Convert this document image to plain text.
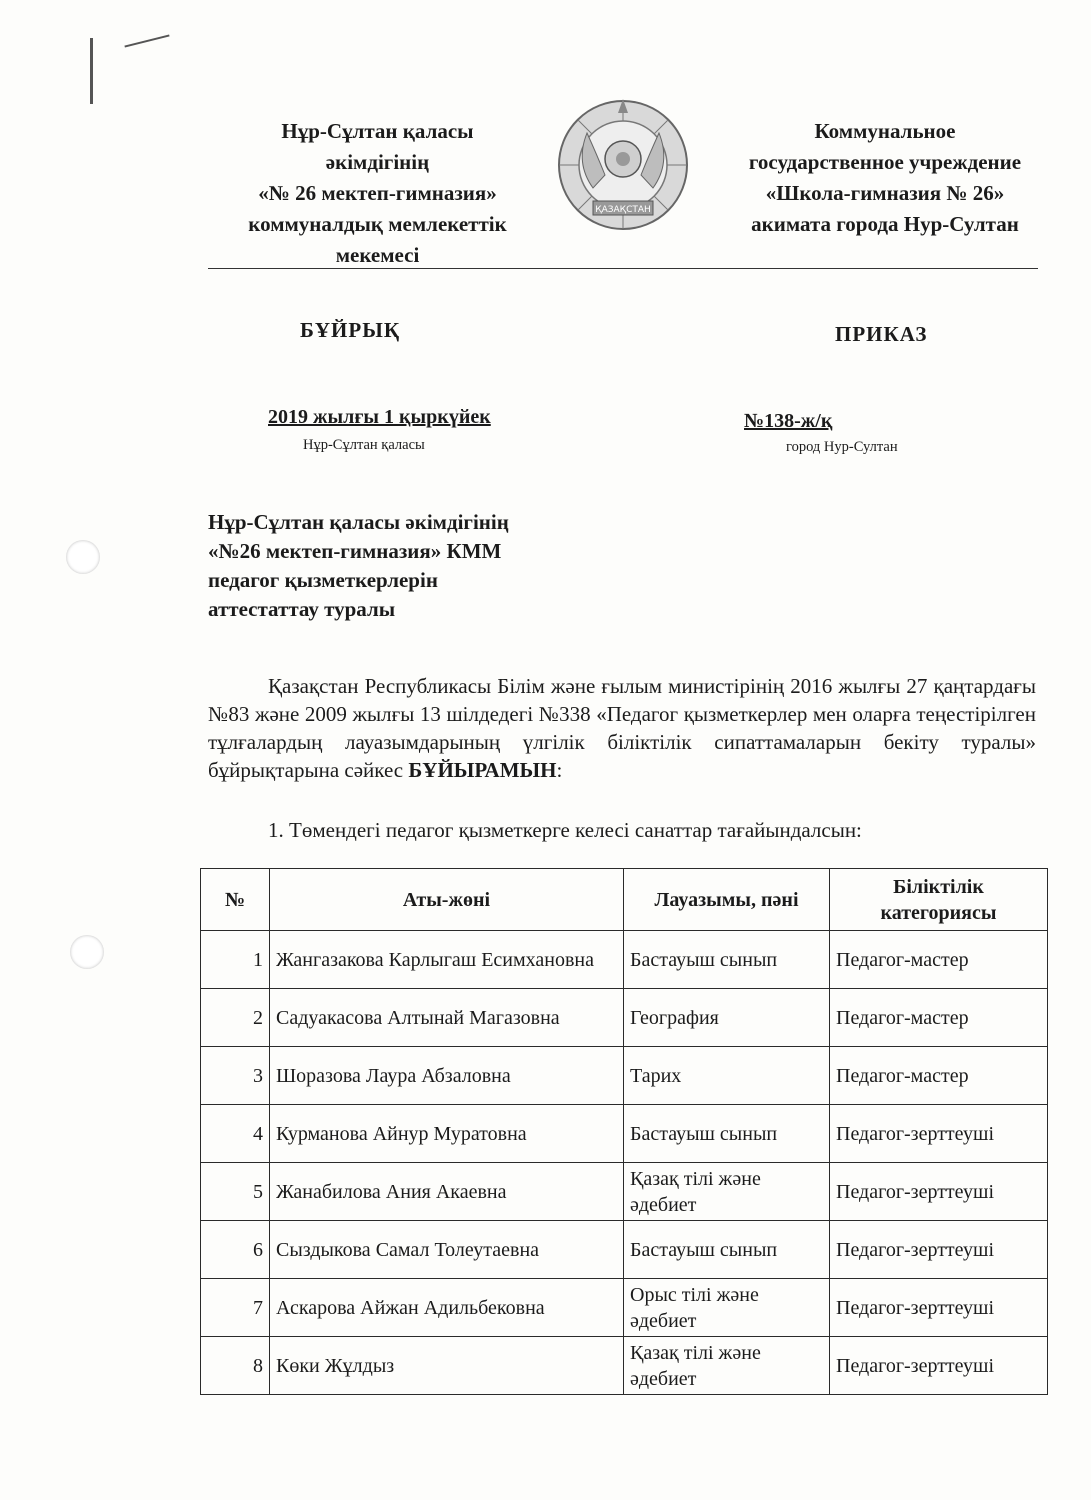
Нұр-Сұлтан қаласы
әкімдігінің
«№ 26 мектеп-гимназия»
коммуналдық мемлекеттік
мекемесі
ҚАЗАҚСТАН
Коммунальное
государственное учреждение
«Школа-гимназия № 26»
акимата города Нур-Султан
БҰЙРЫҚ	ПРИКАЗ
2019 жылғы 1 қыркүйек
Нұр-Сұлтан қаласы
№138-ж/қ
город Нур-Султан
Нұр-Сұлтан қаласы әкімдігінің
«№26 мектеп-гимназия» КММ
педагог қызметкерлерін
аттестаттау туралы
Қазақстан Республикасы Білім және ғылым министірінің 2016 жылғы 27 қаңтардағы №83 және 2009 жылғы 13 шілдедегі №338 «Педагог қызметкерлер мен оларға теңестірілген тұлғалардың лауазымдарының үлгілік біліктілік сипаттамаларын бекіту туралы» бұйрықтарына сәйкес БҰЙЫРАМЫН:
1. Төмендегі педагог қызметкерге келесі санаттар тағайындалсын:
№	Аты-жөні	Лауазымы, пәні	Біліктілік категориясы
1	Жангазакова Карлыгаш Есимхановна	Бастауыш сынып	Педагог-мастер
2	Садуакасова Алтынай Магазовна	География	Педагог-мастер
3	Шоразова Лаура Абзаловна	Тарих	Педагог-мастер
4	Курманова Айнур Муратовна	Бастауыш сынып	Педагог-зерттеуші
5	Жанабилова Ания Акаевна	Қазақ тілі және әдебиет	Педагог-зерттеуші
6	Сыздыкова Самал Толеутаевна	Бастауыш сынып	Педагог-зерттеуші
7	Аскарова Айжан Адильбековна	Орыс тілі және әдебиет	Педагог-зерттеуші
8	Көки Жұлдыз	Қазақ тілі және әдебиет	Педагог-зерттеуші
